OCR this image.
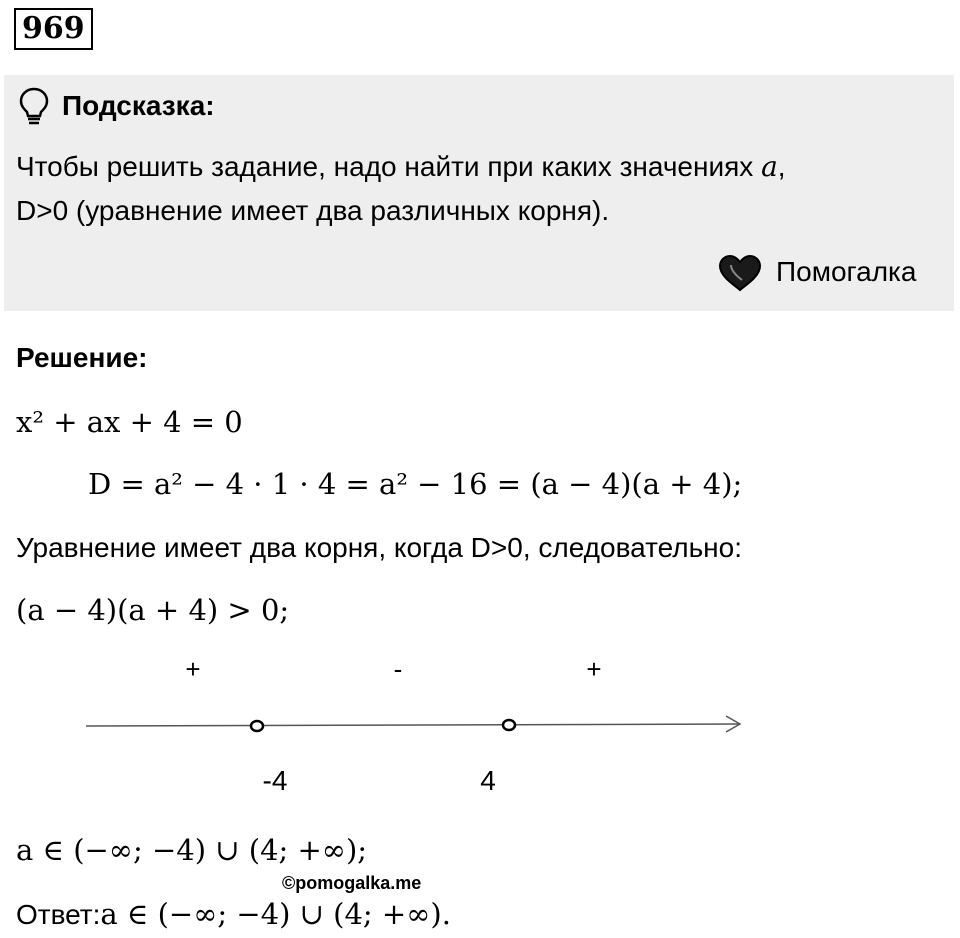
969
Подсказка:
Чтобы решить задание, надо найти при каких значениях a,
D>0 (уравнение имеет два различных корня).
Помогалка
Решение:
x² + ax + 4 = 0
D = a² − 4 · 1 · 4 = a² − 16 = (a − 4)(a + 4);
Уравнение имеет два корня, когда D>0, следовательно:
(a − 4)(a + 4) > 0;
+	-	+
-4	4
a ∈ (−∞; −4) ∪ (4; +∞);
©pomogalka.me
Ответ:a ∈ (−∞; −4) ∪ (4; +∞).
